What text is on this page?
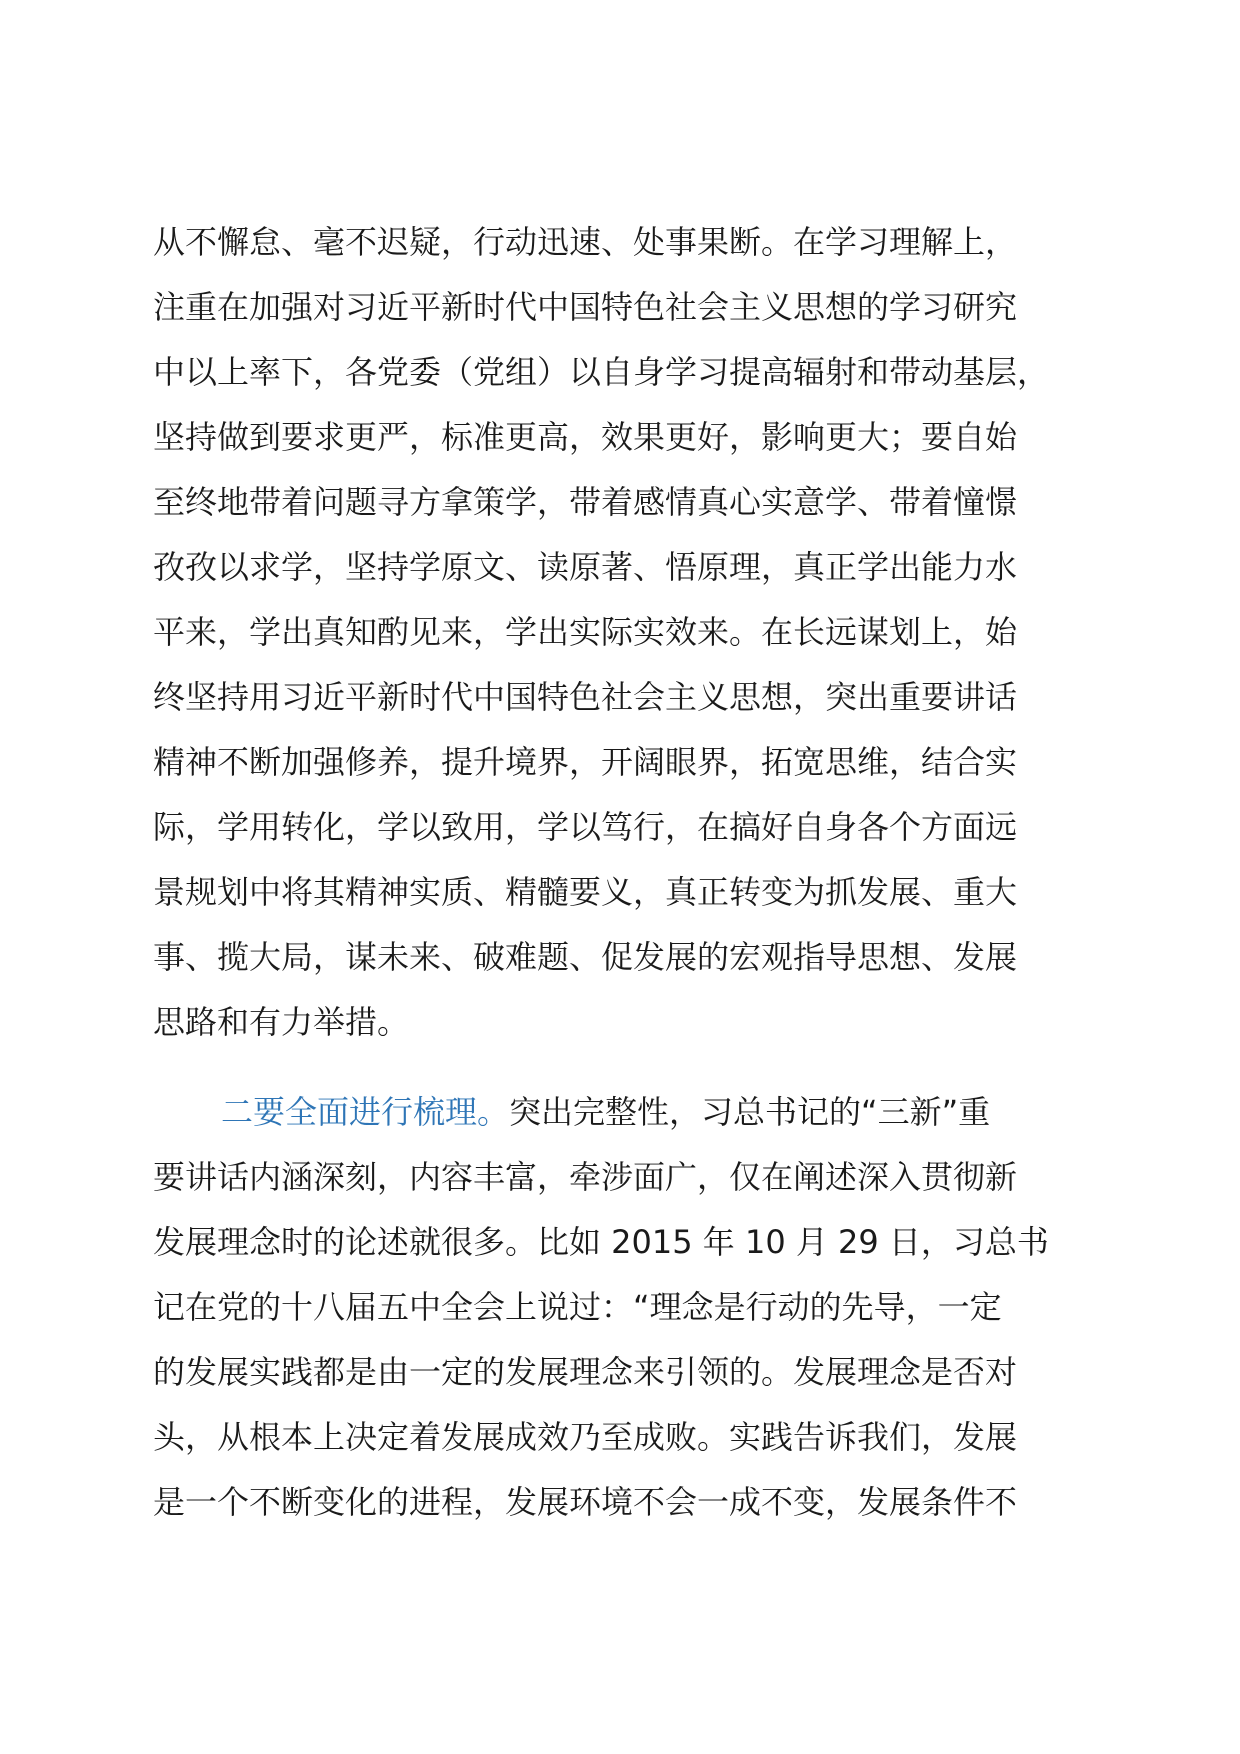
从不懈怠、毫不迟疑，行动迅速、处事果断。在学习理解上，
注重在加强对习近平新时代中国特色社会主义思想的学习研究
中以上率下，各党委（党组）以自身学习提高辐射和带动基层，
坚持做到要求更严，标准更高，效果更好，影响更大；要自始
至终地带着问题寻方拿策学，带着感情真心实意学、带着憧憬
孜孜以求学，坚持学原文、读原著、悟原理，真正学出能力水
平来，学出真知酌见来，学出实际实效来。在长远谋划上，始
终坚持用习近平新时代中国特色社会主义思想，突出重要讲话
精神不断加强修养，提升境界，开阔眼界，拓宽思维，结合实
际，学用转化，学以致用，学以笃行，在搞好自身各个方面远
景规划中将其精神实质、精髓要义，真正转变为抓发展、重大
事、揽大局，谋未来、破难题、促发展的宏观指导思想、发展
思路和有力举措。
二要全面进行梳理。突出完整性，习总书记的“三新”重
要讲话内涵深刻，内容丰富，牵涉面广，仅在阐述深入贯彻新
发展理念时的论述就很多。比如 2015 年 10 月 29 日，习总书
记在党的十八届五中全会上说过：“理念是行动的先导，一定
的发展实践都是由一定的发展理念来引领的。发展理念是否对
头，从根本上决定着发展成效乃至成败。实践告诉我们，发展
是一个不断变化的进程，发展环境不会一成不变，发展条件不
